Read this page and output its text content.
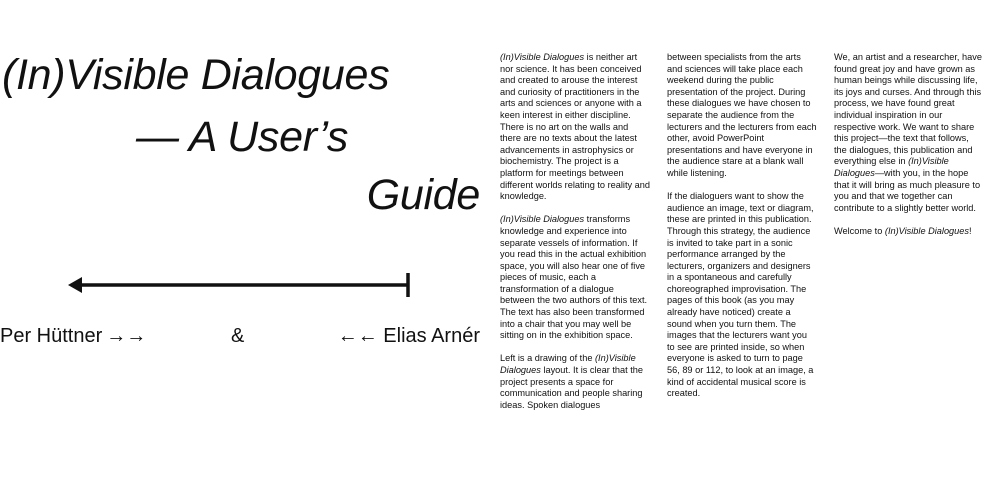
(In)Visible Dialogues
— A User’s
Guide
Per Hüttner →→	&	←← Elias Arnér

(In)Visible Dialogues is neither art nor science. It has been conceived and created to arouse the interest and curiosity of practitioners in the arts and sciences or anyone with a keen interest in either discipline. There is no art on the walls and there are no texts about the latest advancements in astrophysics or biochemistry. The project is a platform for meetings between different worlds relating to reality and knowledge.

(In)Visible Dialogues transforms knowledge and experience into separate vessels of information. If you read this in the actual exhibition space, you will also hear one of five pieces of music, each a transformation of a dialogue between the two authors of this text. The text has also been transformed into a chair that you may well be sitting on in the exhibition space.

Left is a drawing of the (In)Visible Dialogues layout. It is clear that the project presents a space for communication and people sharing ideas. Spoken dialogues

between specialists from the arts and sciences will take place each weekend during the public presentation of the project. During these dialogues we have chosen to separate the audience from the lecturers and the lecturers from each other, avoid PowerPoint presentations and have everyone in the audience stare at a blank wall while listening.

If the dialoguers want to show the audience an image, text or diagram, these are printed in this publication. Through this strategy, the audience is invited to take part in a sonic performance arranged by the lecturers, organizers and designers in a spontaneous and carefully choreographed improvisation. The pages of this book (as you may already have noticed) create a sound when you turn them. The images that the lecturers want you to see are printed inside, so when everyone is asked to turn to page 56, 89 or 112, to look at an image, a kind of accidental musical score is created.

We, an artist and a researcher, have found great joy and have grown as human beings while discussing life, its joys and curses. And through this process, we have found great individual inspiration in our respective work. We want to share this project—the text that follows, the dialogues, this publication and everything else in (In)Visible Dialogues—with you, in the hope that it will bring as much pleasure to you and that we together can contribute to a slightly better world.

Welcome to (In)Visible Dialogues!
